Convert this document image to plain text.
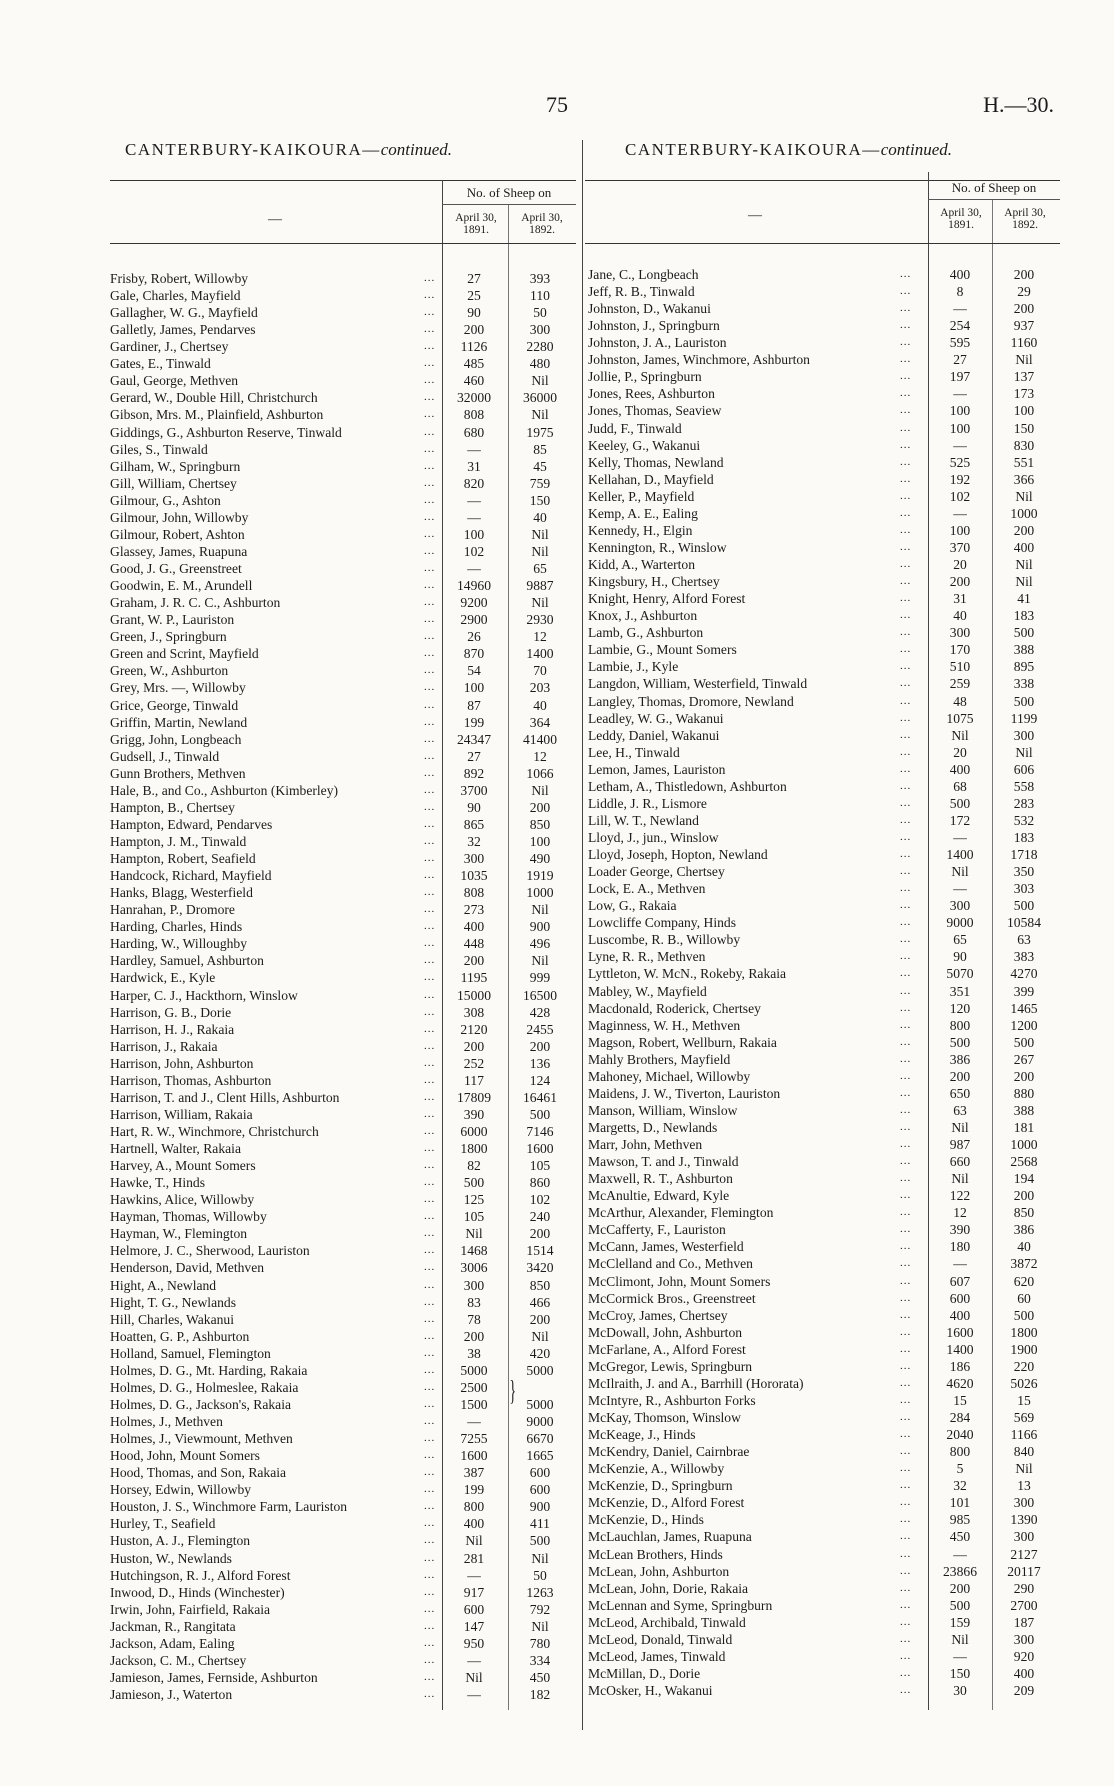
75	H.—30.
CANTERBURY-KAIKOURA—continued.	CANTERBURY-KAIKOURA—continued.
No. of Sheep on
—	April 30, 1891.
April 30, 1892.
No. of Sheep on
—	April 30, 1891.
April 30, 1892.
}
Frisby, Robert, Willowby	...	27	393
Gale, Charles, Mayfield	...	25	110
Gallagher, W. G., Mayfield	...	90	50
Galletly, James, Pendarves	...	200	300
Gardiner, J., Chertsey	...	1126	2280
Gates, E., Tinwald	...	485	480
Gaul, George, Methven	...	460	Nil
Gerard, W., Double Hill, Christchurch	...	32000	36000
Gibson, Mrs. M., Plainfield, Ashburton	...	808	Nil
Giddings, G., Ashburton Reserve, Tinwald	...	680	1975
Giles, S., Tinwald	...	—	85
Gilham, W., Springburn	...	31	45
Gill, William, Chertsey	...	820	759
Gilmour, G., Ashton	...	—	150
Gilmour, John, Willowby	...	—	40
Gilmour, Robert, Ashton	...	100	Nil
Glassey, James, Ruapuna	...	102	Nil
Good, J. G., Greenstreet	...	—	65
Goodwin, E. M., Arundell	...	14960	9887
Graham, J. R. C. C., Ashburton	...	9200	Nil
Grant, W. P., Lauriston	...	2900	2930
Green, J., Springburn	...	26	12
Green and Scrint, Mayfield	...	870	1400
Green, W., Ashburton	...	54	70
Grey, Mrs. —, Willowby	...	100	203
Grice, George, Tinwald	...	87	40
Griffin, Martin, Newland	...	199	364
Grigg, John, Longbeach	...	24347	41400
Gudsell, J., Tinwald	...	27	12
Gunn Brothers, Methven	...	892	1066
Hale, B., and Co., Ashburton (Kimberley)	...	3700	Nil
Hampton, B., Chertsey	...	90	200
Hampton, Edward, Pendarves	...	865	850
Hampton, J. M., Tinwald	...	32	100
Hampton, Robert, Seafield	...	300	490
Handcock, Richard, Mayfield	...	1035	1919
Hanks, Blagg, Westerfield	...	808	1000
Hanrahan, P., Dromore	...	273	Nil
Harding, Charles, Hinds	...	400	900
Harding, W., Willoughby	...	448	496
Hardley, Samuel, Ashburton	...	200	Nil
Hardwick, E., Kyle	...	1195	999
Harper, C. J., Hackthorn, Winslow	...	15000	16500
Harrison, G. B., Dorie	...	308	428
Harrison, H. J., Rakaia	...	2120	2455
Harrison, J., Rakaia	...	200	200
Harrison, John, Ashburton	...	252	136
Harrison, Thomas, Ashburton	...	117	124
Harrison, T. and J., Clent Hills, Ashburton	...	17809	16461
Harrison, William, Rakaia	...	390	500
Hart, R. W., Winchmore, Christchurch	...	6000	7146
Hartnell, Walter, Rakaia	...	1800	1600
Harvey, A., Mount Somers	...	82	105
Hawke, T., Hinds	...	500	860
Hawkins, Alice, Willowby	...	125	102
Hayman, Thomas, Willowby	...	105	240
Hayman, W., Flemington	...	Nil	200
Helmore, J. C., Sherwood, Lauriston	...	1468	1514
Henderson, David, Methven	...	3006	3420
Hight, A., Newland	...	300	850
Hight, T. G., Newlands	...	83	466
Hill, Charles, Wakanui	...	78	200
Hoatten, G. P., Ashburton	...	200	Nil
Holland, Samuel, Flemington	...	38	420
Holmes, D. G., Mt. Harding, Rakaia	...	5000	5000
Holmes, D. G., Holmeslee, Rakaia	...	2500
Holmes, D. G., Jackson's, Rakaia	...	1500	5000
Holmes, J., Methven	...	—	9000
Holmes, J., Viewmount, Methven	...	7255	6670
Hood, John, Mount Somers	...	1600	1665
Hood, Thomas, and Son, Rakaia	...	387	600
Horsey, Edwin, Willowby	...	199	600
Houston, J. S., Winchmore Farm, Lauriston	...	800	900
Hurley, T., Seafield	...	400	411
Huston, A. J., Flemington	...	Nil	500
Huston, W., Newlands	...	281	Nil
Hutchingson, R. J., Alford Forest	...	—	50
Inwood, D., Hinds (Winchester)	...	917	1263
Irwin, John, Fairfield, Rakaia	...	600	792
Jackman, R., Rangitata	...	147	Nil
Jackson, Adam, Ealing	...	950	780
Jackson, C. M., Chertsey	...	—	334
Jamieson, James, Fernside, Ashburton	...	Nil	450
Jamieson, J., Waterton	...	—	182
Jane, C., Longbeach	...	400	200
Jeff, R. B., Tinwald	...	8	29
Johnston, D., Wakanui	...	—	200
Johnston, J., Springburn	...	254	937
Johnston, J. A., Lauriston	...	595	1160
Johnston, James, Winchmore, Ashburton	...	27	Nil
Jollie, P., Springburn	...	197	137
Jones, Rees, Ashburton	...	—	173
Jones, Thomas, Seaview	...	100	100
Judd, F., Tinwald	...	100	150
Keeley, G., Wakanui	...	—	830
Kelly, Thomas, Newland	...	525	551
Kellahan, D., Mayfield	...	192	366
Keller, P., Mayfield	...	102	Nil
Kemp, A. E., Ealing	...	—	1000
Kennedy, H., Elgin	...	100	200
Kennington, R., Winslow	...	370	400
Kidd, A., Warterton	...	20	Nil
Kingsbury, H., Chertsey	...	200	Nil
Knight, Henry, Alford Forest	...	31	41
Knox, J., Ashburton	...	40	183
Lamb, G., Ashburton	...	300	500
Lambie, G., Mount Somers	...	170	388
Lambie, J., Kyle	...	510	895
Langdon, William, Westerfield, Tinwald	...	259	338
Langley, Thomas, Dromore, Newland	...	48	500
Leadley, W. G., Wakanui	...	1075	1199
Leddy, Daniel, Wakanui	...	Nil	300
Lee, H., Tinwald	...	20	Nil
Lemon, James, Lauriston	...	400	606
Letham, A., Thistledown, Ashburton	...	68	558
Liddle, J. R., Lismore	...	500	283
Lill, W. T., Newland	...	172	532
Lloyd, J., jun., Winslow	...	—	183
Lloyd, Joseph, Hopton, Newland	...	1400	1718
Loader George, Chertsey	...	Nil	350
Lock, E. A., Methven	...	—	303
Low, G., Rakaia	...	300	500
Lowcliffe Company, Hinds	...	9000	10584
Luscombe, R. B., Willowby	...	65	63
Lyne, R. R., Methven	...	90	383
Lyttleton, W. McN., Rokeby, Rakaia	...	5070	4270
Mabley, W., Mayfield	...	351	399
Macdonald, Roderick, Chertsey	...	120	1465
Maginness, W. H., Methven	...	800	1200
Magson, Robert, Wellburn, Rakaia	...	500	500
Mahly Brothers, Mayfield	...	386	267
Mahoney, Michael, Willowby	...	200	200
Maidens, J. W., Tiverton, Lauriston	...	650	880
Manson, William, Winslow	...	63	388
Margetts, D., Newlands	...	Nil	181
Marr, John, Methven	...	987	1000
Mawson, T. and J., Tinwald	...	660	2568
Maxwell, R. T., Ashburton	...	Nil	194
McAnultie, Edward, Kyle	...	122	200
McArthur, Alexander, Flemington	...	12	850
McCafferty, F., Lauriston	...	390	386
McCann, James, Westerfield	...	180	40
McClelland and Co., Methven	...	—	3872
McClimont, John, Mount Somers	...	607	620
McCormick Bros., Greenstreet	...	600	60
McCroy, James, Chertsey	...	400	500
McDowall, John, Ashburton	...	1600	1800
McFarlane, A., Alford Forest	...	1400	1900
McGregor, Lewis, Springburn	...	186	220
McIlraith, J. and A., Barrhill (Hororata)	...	4620	5026
McIntyre, R., Ashburton Forks	...	15	15
McKay, Thomson, Winslow	...	284	569
McKeage, J., Hinds	...	2040	1166
McKendry, Daniel, Cairnbrae	...	800	840
McKenzie, A., Willowby	...	5	Nil
McKenzie, D., Springburn	...	32	13
McKenzie, D., Alford Forest	...	101	300
McKenzie, D., Hinds	...	985	1390
McLauchlan, James, Ruapuna	...	450	300
McLean Brothers, Hinds	...	—	2127
McLean, John, Ashburton	...	23866	20117
McLean, John, Dorie, Rakaia	...	200	290
McLennan and Syme, Springburn	...	500	2700
McLeod, Archibald, Tinwald	...	159	187
McLeod, Donald, Tinwald	...	Nil	300
McLeod, James, Tinwald	...	—	920
McMillan, D., Dorie	...	150	400
McOsker, H., Wakanui	...	30	209
